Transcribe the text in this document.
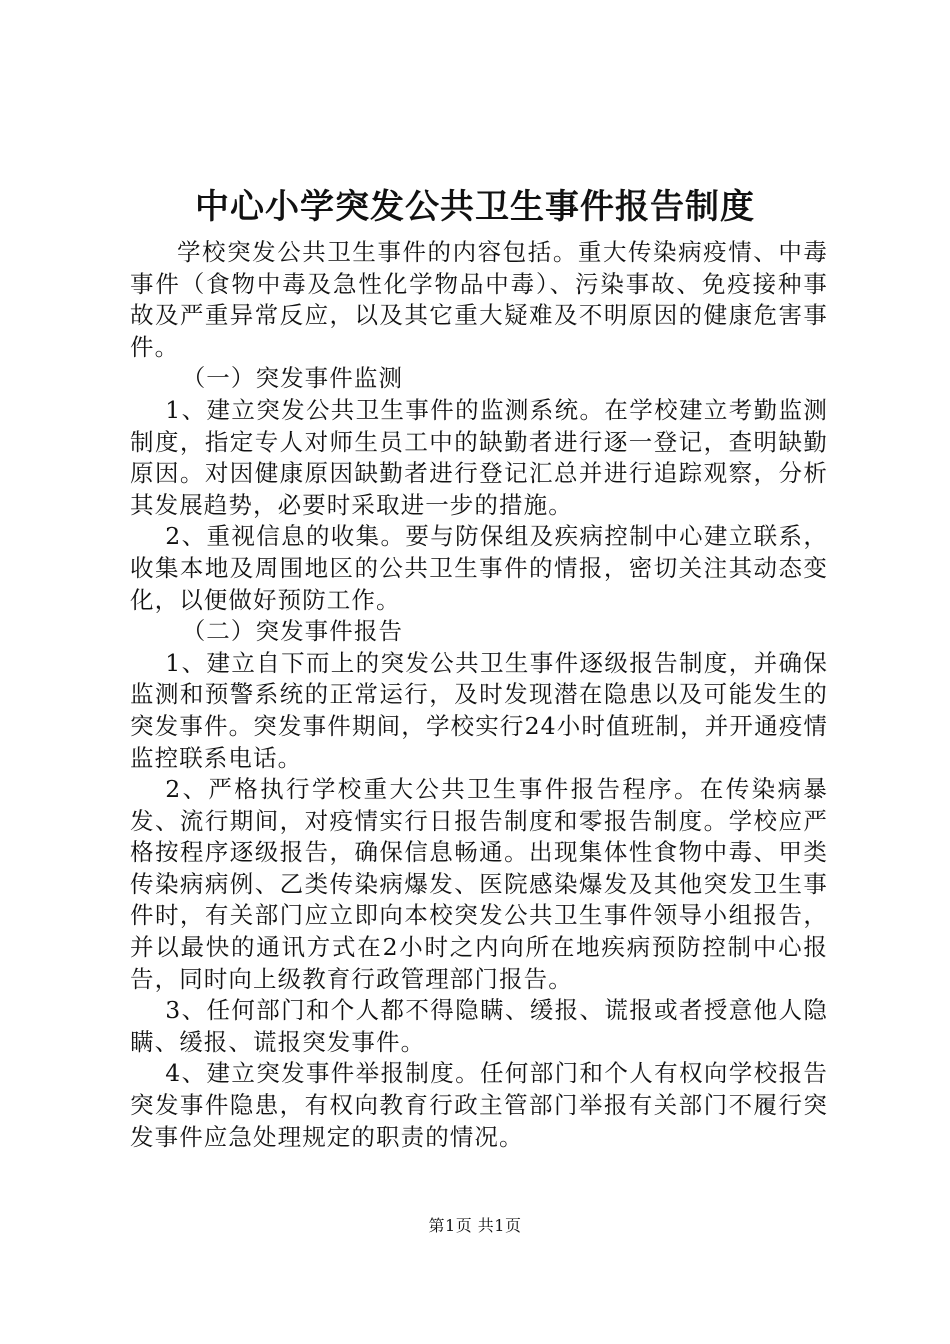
中心小学突发公共卫生事件报告制度

学校突发公共卫生事件的内容包括。重大传染病疫情、中毒事件（食物中毒及急性化学物品中毒）、污染事故、免疫接种事故及严重异常反应，以及其它重大疑难及不明原因的健康危害事件。

（一）突发事件监测

1、建立突发公共卫生事件的监测系统。在学校建立考勤监测制度，指定专人对师生员工中的缺勤者进行逐一登记，查明缺勤原因。对因健康原因缺勤者进行登记汇总并进行追踪观察，分析其发展趋势，必要时采取进一步的措施。

2、重视信息的收集。要与防保组及疾病控制中心建立联系，收集本地及周围地区的公共卫生事件的情报，密切关注其动态变化，以便做好预防工作。

（二）突发事件报告

1、建立自下而上的突发公共卫生事件逐级报告制度，并确保监测和预警系统的正常运行，及时发现潜在隐患以及可能发生的突发事件。突发事件期间，学校实行24小时值班制，并开通疫情监控联系电话。

2、严格执行学校重大公共卫生事件报告程序。在传染病暴发、流行期间，对疫情实行日报告制度和零报告制度。学校应严格按程序逐级报告，确保信息畅通。出现集体性食物中毒、甲类传染病病例、乙类传染病爆发、医院感染爆发及其他突发卫生事件时，有关部门应立即向本校突发公共卫生事件领导小组报告，并以最快的通讯方式在2小时之内向所在地疾病预防控制中心报告，同时向上级教育行政管理部门报告。

3、任何部门和个人都不得隐瞒、缓报、谎报或者授意他人隐瞒、缓报、谎报突发事件。

4、建立突发事件举报制度。任何部门和个人有权向学校报告突发事件隐患，有权向教育行政主管部门举报有关部门不履行突发事件应急处理规定的职责的情况。

第1页 共1页
